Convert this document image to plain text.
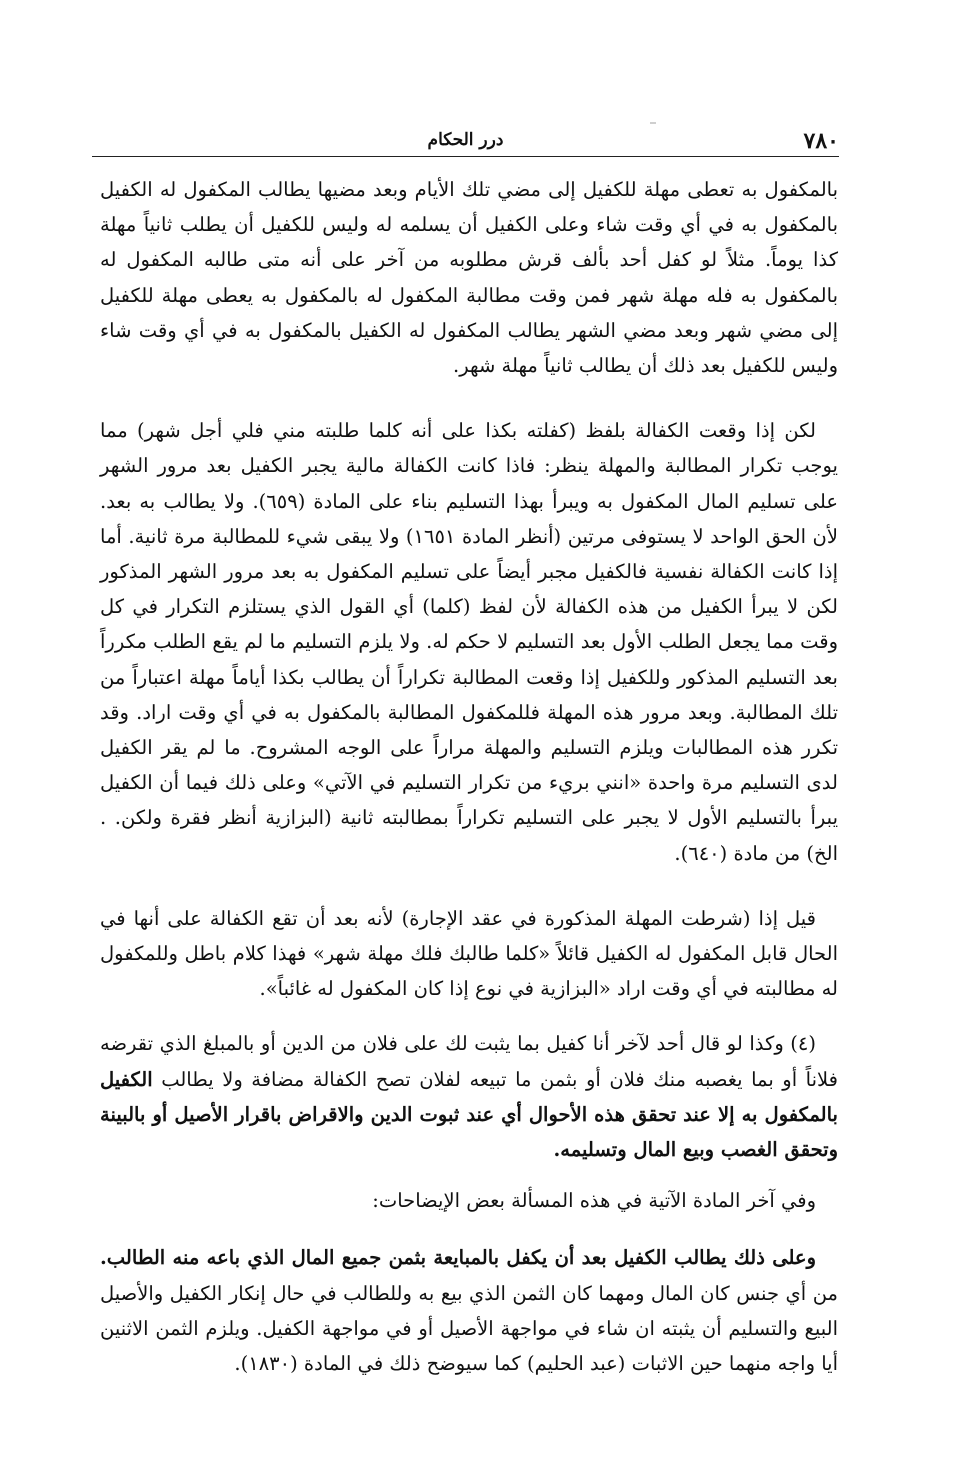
٧٨٠
درر الحكام

بالمكفول به تعطى مهلة للكفيل إلى مضي تلك الأيام وبعد مضيها يطالب المكفول له الكفيل بالمكفول به في أي وقت شاء وعلى الكفيل أن يسلمه له وليس للكفيل أن يطلب ثانياً مهلة كذا يوماً. مثلاً لو كفل أحد بألف قرش مطلوبه من آخر على أنه متى طالبه المكفول له بالمكفول به فله مهلة شهر فمن وقت مطالبة المكفول له بالمكفول به يعطى مهلة للكفيل إلى مضي شهر وبعد مضي الشهر يطالب المكفول له الكفيل بالمكفول به في أي وقت شاء وليس للكفيل بعد ذلك أن يطالب ثانياً مهلة شهر.

لكن إذا وقعت الكفالة بلفظ (كفلته بكذا على أنه كلما طلبته مني فلي أجل شهر) مما يوجب تكرار المطالبة والمهلة ينظر: فاذا كانت الكفالة مالية يجبر الكفيل بعد مرور الشهر على تسليم المال المكفول به ويبرأ بهذا التسليم بناء على المادة (٦٥٩). ولا يطالب به بعد. لأن الحق الواحد لا يستوفى مرتين (أنظر المادة ١٦٥١) ولا يبقى شيء للمطالبة مرة ثانية. أما إذا كانت الكفالة نفسية فالكفيل مجبر أيضاً على تسليم المكفول به بعد مرور الشهر المذكور لكن لا يبرأ الكفيل من هذه الكفالة لأن لفظ (كلما) أي القول الذي يستلزم التكرار في كل وقت مما يجعل الطلب الأول بعد التسليم لا حكم له. ولا يلزم التسليم ما لم يقع الطلب مكرراً بعد التسليم المذكور وللكفيل إذا وقعت المطالبة تكراراً أن يطالب بكذا أياماً مهلة اعتباراً من تلك المطالبة. وبعد مرور هذه المهلة فللمكفول المطالبة بالمكفول به في أي وقت اراد. وقد تكرر هذه المطالبات ويلزم التسليم والمهلة مراراً على الوجه المشروح. ما لم يقر الكفيل لدى التسليم مرة واحدة «انني بريء من تكرار التسليم في الآتي» وعلى ذلك فيما أن الكفيل يبرأ بالتسليم الأول لا يجبر على التسليم تكراراً بمطالبته ثانية (البزازية أنظر فقرة ولكن. . الخ) من مادة (٦٤٠).

قيل إذا (شرطت المهلة المذكورة في عقد الإجارة) لأنه بعد أن تقع الكفالة على أنها في الحال قابل المكفول له الكفيل قائلاً «كلما طالبك فلك مهلة شهر» فهذا كلام باطل وللمكفول له مطالبته في أي وقت اراد «البزازية في نوع إذا كان المكفول له غائباً».

(٤) وكذا لو قال أحد لآخر أنا كفيل بما يثبت لك على فلان من الدين أو بالمبلغ الذي تقرضه فلاناً أو بما يغصبه منك فلان أو بثمن ما تبيعه لفلان تصح الكفالة مضافة ولا يطالب الكفيل بالمكفول به إلا عند تحقق هذه الأحوال أي عند ثبوت الدين والاقراض باقرار الأصيل أو بالبينة وتحقق الغصب وبيع المال وتسليمه.

وفي آخر المادة الآتية في هذه المسألة بعض الإيضاحات:

وعلى ذلك يطالب الكفيل بعد أن يكفل بالمبايعة بثمن جميع المال الذي باعه منه الطالب. من أي جنس كان المال ومهما كان الثمن الذي بيع به وللطالب في حال إنكار الكفيل والأصيل البيع والتسليم أن يثبته ان شاء في مواجهة الأصيل أو في مواجهة الكفيل. ويلزم الثمن الاثنين أيا واجه منهما حين الاثبات (عبد الحليم) كما سيوضح ذلك في المادة (١٨٣٠).
